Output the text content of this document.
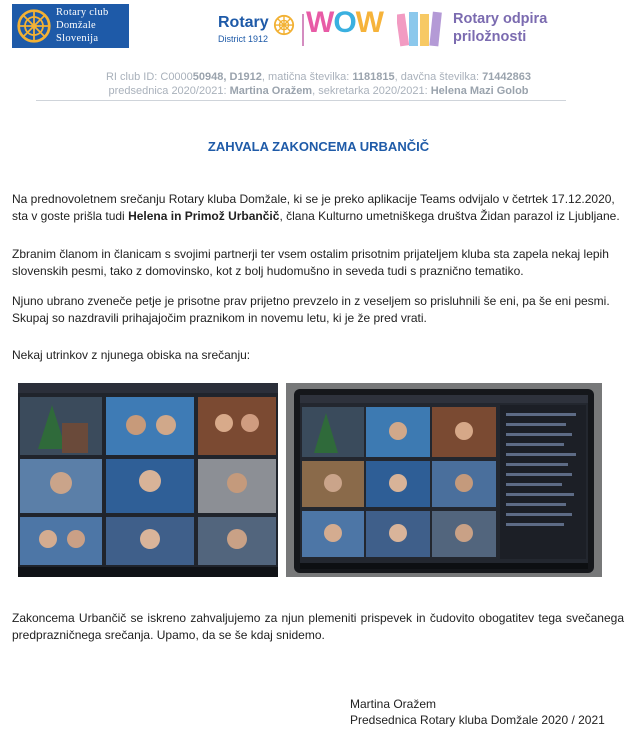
Rotary club
Domžale
Slovenija
Rotary
District 1912 WOW	Rotary odpira
priložnosti
RI club ID: C000050948, D1912, matična številka: 1181815, davčna številka: 71442863
predsednica 2020/2021: Martina Oražem, sekretarka 2020/2021: Helena Mazi Golob
ZAHVALA ZAKONCEMA URBANČIČ
Na prednovoletnem srečanju Rotary kluba Domžale, ki se je preko aplikacije Teams odvijalo v četrtek 17.12.2020, sta v goste prišla tudi Helena in Primož Urbančič, člana Kulturno umetniškega društva Židan parazol iz Ljubljane.
Zbranim članom in članicam s svojimi partnerji ter vsem ostalim prisotnim prijateljem kluba sta zapela nekaj lepih slovenskih pesmi, tako z domovinsko, kot z bolj hudomušno in seveda tudi s praznično tematiko.
Njuno ubrano zveneče petje je prisotne prav prijetno prevzelo in z veseljem so prisluhnili še eni, pa še eni pesmi. Skupaj so nazdravili prihajajočim praznikom in novemu letu, ki je že pred vrati.
Nekaj utrinkov z njunega obiska na srečanju:
Zakoncema Urbančič se iskreno zahvaljujemo za njun plemeniti prispevek in čudovito obogatitev tega svečanega predprazničnega srečanja. Upamo, da se še kdaj snidemo.
Martina Oražem
Predsednica Rotary kluba Domžale 2020 / 2021
